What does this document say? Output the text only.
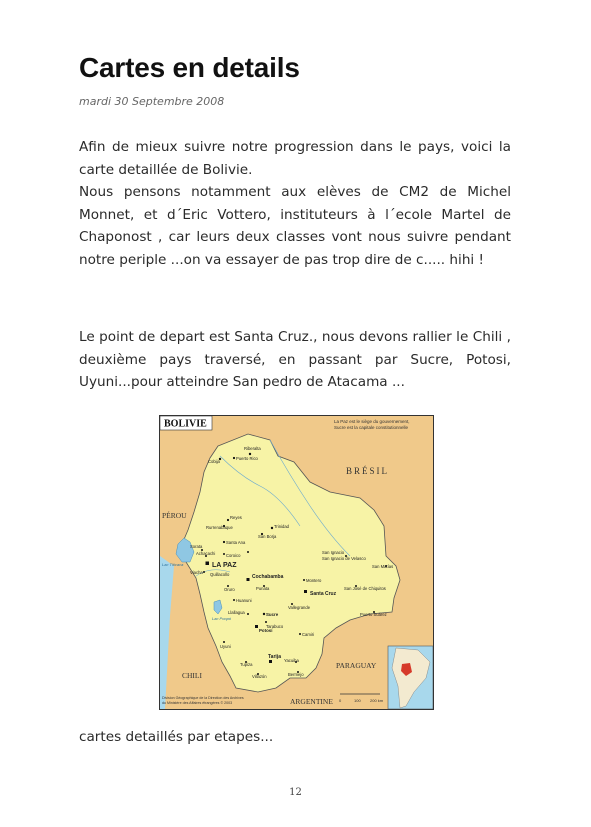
Cartes en details
mardi 30 Septembre 2008
Afin de mieux suivre notre progression dans le pays, voici la
carte detaillée de Bolivie.
Nous pensons notamment aux elèves de CM2 de Michel
Monnet, et d´Eric Vottero, instituteurs à l´ecole Martel de
Chaponost , car leurs deux classes vont nous suivre pendant
notre periple ...on va essayer de pas trop dire de c..... hihi !
Le point de depart est Santa Cruz., nous devons rallier le Chili ,
deuxième pays traversé, en passant par Sucre, Potosi,
Uyuni...pour atteindre San pedro de Atacama ...
BOLIVIE	La Paz est le siège du gouvernement,
Sucre est la capitale constitutionnelle
BRÉSIL
PÉROU
CHILI
PARAGUAY
ARGENTINE
Lac Titicaca
Lac Poopó
Riberalta
Cobija
Puerto Rico
Reyes
Rurrenabaque	Trinidad
San Borja
Santa Ana
Sorata
Achacachi	Coroico
LA PAZ
Viacha
Cochabamba
Quillacollo
Punata
Oruro
Santa Cruz
Montero
San Ignacio
San Ignacio de Velasco
San Matías
San José de Chiquitos
Puerto Suárez
Huanuni
Llallagua	Sucre
Vallegrande
Tarabuco
Potosí
Uyuni
Camiri
Tarija
Tupiza
Villazón
Yacuiba
Bermejo
0	100 200 km
Division Géographique de la Direction des Archives
du Ministère des Affaires étrangères © 2003
cartes detaillés par etapes...
12
